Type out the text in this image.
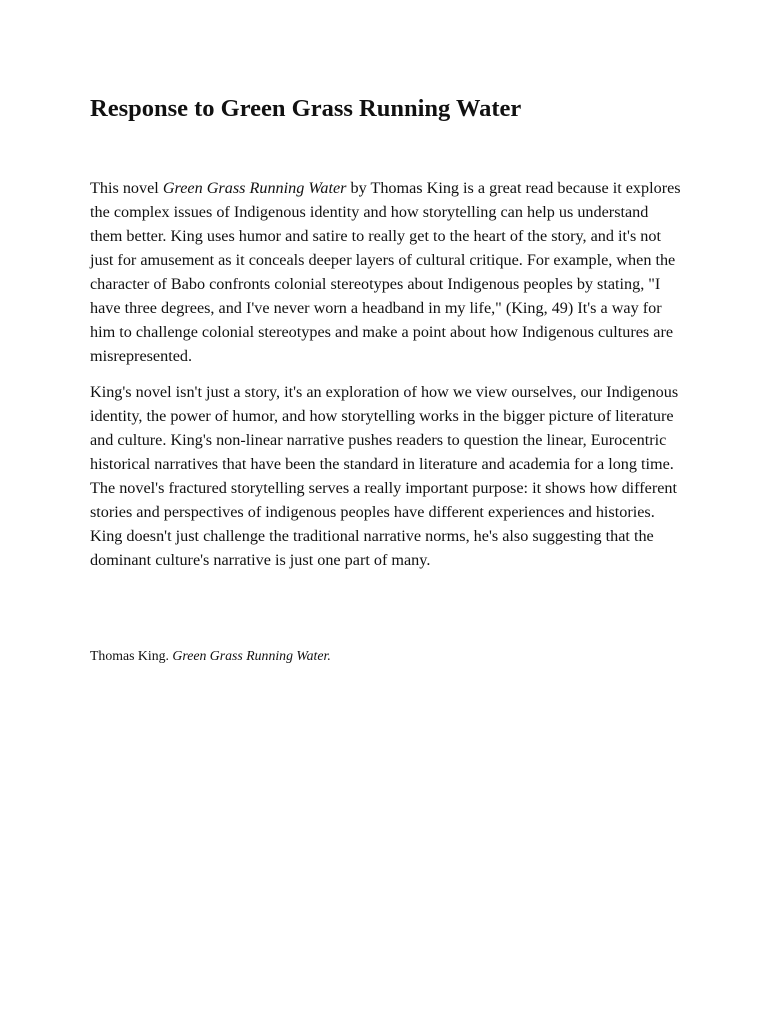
Response to Green Grass Running Water

This novel Green Grass Running Water by Thomas King is a great read because it explores the complex issues of Indigenous identity and how storytelling can help us understand them better. King uses humor and satire to really get to the heart of the story, and it's not just for amusement as it conceals deeper layers of cultural critique. For example, when the character of Babo confronts colonial stereotypes about Indigenous peoples by stating, "I have three degrees, and I've never worn a headband in my life," (King, 49) It's a way for him to challenge colonial stereotypes and make a point about how Indigenous cultures are misrepresented.

King's novel isn't just a story, it's an exploration of how we view ourselves, our Indigenous identity, the power of humor, and how storytelling works in the bigger picture of literature and culture. King's non-linear narrative pushes readers to question the linear, Eurocentric historical narratives that have been the standard in literature and academia for a long time. The novel's fractured storytelling serves a really important purpose: it shows how different stories and perspectives of indigenous peoples have different experiences and histories. King doesn't just challenge the traditional narrative norms, he's also suggesting that the dominant culture's narrative is just one part of many.

Thomas King. Green Grass Running Water.
